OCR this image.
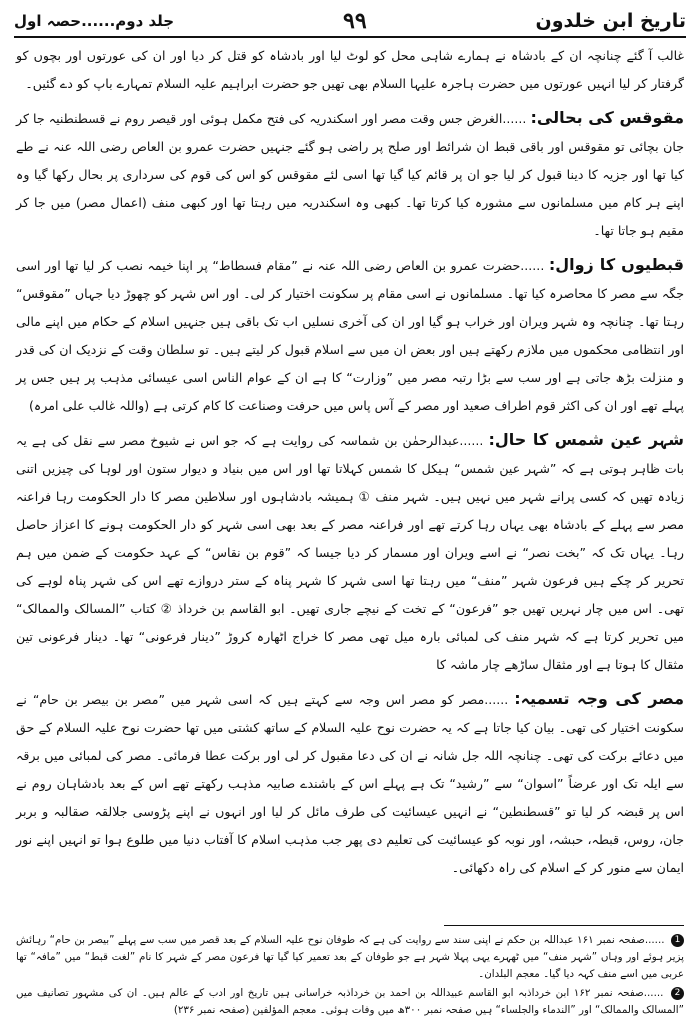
تاریخ ابن خلدون
۹۹
جلد دوم......حصہ اول

غالب آ گئے چنانچہ ان کے بادشاہ نے ہمارے شاہی محل کو لوٹ لیا اور بادشاہ کو قتل کر دیا اور ان کی عورتوں اور بچوں کو گرفتار کر لیا انہیں عورتوں میں حضرت ہاجرہ علیہا السلام بھی تھیں جو حضرت ابراہیم علیہ السلام تمہارے باپ کو دے گئیں۔

مقوقس کی بحالی: ......الغرض جس وقت مصر اور اسکندریہ کی فتح مکمل ہوئی اور قیصر روم نے قسطنطنیہ جا کر جان بچائی تو مقوقس اور باقی قبط ان شرائط اور صلح پر راضی ہو گئے جنہیں حضرت عمرو بن العاص رضی اللہ عنہ نے طے کیا تھا اور جزیہ کا دینا قبول کر لیا جو ان پر قائم کیا گیا تھا اسی لئے مقوقس کو اس کی قوم کی سرداری پر بحال رکھا گیا وہ اپنے ہر کام میں مسلمانوں سے مشورہ کیا کرتا تھا۔ کبھی وہ اسکندریہ میں رہتا تھا اور کبھی منف (اعمال مصر) میں جا کر مقیم ہو جاتا تھا۔

قبطیوں کا زوال: ......حضرت عمرو بن العاص رضی اللہ عنہ نے ”مقام فسطاط“ پر اپنا خیمہ نصب کر لیا تھا اور اسی جگہ سے مصر کا محاصرہ کیا تھا۔ مسلمانوں نے اسی مقام پر سکونت اختیار کر لی۔ اور اس شہر کو چھوڑ دیا جہاں ”مقوقس“ رہتا تھا۔ چنانچہ وہ شہر ویران اور خراب ہو گیا اور ان کی آخری نسلیں اب تک باقی ہیں جنہیں اسلام کے حکام میں اپنے مالی اور انتظامی محکموں میں ملازم رکھتے ہیں اور بعض ان میں سے اسلام قبول کر لیتے ہیں۔ تو سلطان وقت کے نزدیک ان کی قدر و منزلت بڑھ جاتی ہے اور سب سے بڑا رتبہ مصر میں ”وزارت“ کا ہے ان کے عوام الناس اسی عیسائی مذہب پر ہیں جس پر پہلے تھے اور ان کی اکثر قوم اطراف صعید اور مصر کے آس پاس میں حرفت وصناعت کا کام کرتی ہے (واللہ غالب علی امرہ)

شہر عین شمس کا حال: ......عبدالرحمٰن بن شماسہ کی روایت ہے کہ جو اس نے شیوخ مصر سے نقل کی ہے یہ بات ظاہر ہوتی ہے کہ ”شہر عین شمس“ ہیکل کا شمس کہلاتا تھا اور اس میں بنیاد و دیوار ستون اور لوہا کی چیزیں اتنی زیادہ تھیں کہ کسی پرانے شہر میں نہیں ہیں۔ شہر منف ① ہمیشہ بادشاہوں اور سلاطین مصر کا دار الحکومت رہا فراعنہ مصر سے پہلے کے بادشاہ بھی یہاں رہا کرتے تھے اور فراعنہ مصر کے بعد بھی اسی شہر کو دار الحکومت ہونے کا اعزاز حاصل رہا۔ یہاں تک کہ ”بخت نصر“ نے اسے ویران اور مسمار کر دیا جیسا کہ ”قوم بن نقاس“ کے عہد حکومت کے ضمن میں ہم تحریر کر چکے ہیں فرعون شہر ”منف“ میں رہتا تھا اسی شہر کا شہر پناہ کے ستر دروازے تھے اس کی شہر پناہ لوہے کی تھی۔ اس میں چار نہریں تھیں جو ”فرعون“ کے تخت کے نیچے جاری تھیں۔ ابو القاسم بن خرداذ ② کتاب ”المسالک والممالک“ میں تحریر کرتا ہے کہ شہر منف کی لمبائی بارہ میل تھی مصر کا خراج اٹھارہ کروڑ ”دینار فرعونی“ تھا۔ دینار فرعونی تین مثقال کا ہوتا ہے اور مثقال ساڑھے چار ماشہ کا

مصر کی وجہ تسمیہ: ......مصر کو مصر اس وجہ سے کہتے ہیں کہ اسی شہر میں ”مصر بن بیصر بن حام“ نے سکونت اختیار کی تھی۔ بیان کیا جاتا ہے کہ یہ حضرت نوح علیہ السلام کے ساتھ کشتی میں تھا حضرت نوح علیہ السلام کے حق میں دعائے برکت کی تھی۔ چنانچہ اللہ جل شانہ نے ان کی دعا مقبول کر لی اور برکت عطا فرمائی۔ مصر کی لمبائی میں برقہ سے ایلہ تک اور عرضاً ”اسوان“ سے ”رشید“ تک ہے پہلے اس کے باشندے صابیہ مذہب رکھتے تھے اس کے بعد بادشاہان روم نے اس پر قبضہ کر لیا تو ”قسطنطین“ نے انہیں عیسائیت کی طرف مائل کر لیا اور انہوں نے اپنے پڑوسی جلالقہ صقالبہ و بربر جان، روس، قبطہ، حبشہ، اور نوبہ کو عیسائیت کی تعلیم دی پھر جب مذہب اسلام کا آفتاب دنیا میں طلوع ہوا تو انہیں اپنے نور ایمان سے منور کر کے اسلام کی راہ دکھائی۔

1 ......صفحہ نمبر ۱۶۱ عبداللہ بن حکم نے اپنی سند سے روایت کی ہے کہ طوفان نوح علیہ السلام کے بعد قصر میں سب سے پہلے ”بیصر بن حام“ رہائش پزیر ہوئے اور وہاں ”شہر منف“ میں ٹھہرے یہی پہلا شہر ہے جو طوفان کے بعد تعمیر کیا گیا تھا فرعون مصر کے شہر کا نام ”لغت قبط“ میں ”مافہ“ تھا عربی میں اسے منف کہہ دیا گیا۔ معجم البلدان۔

2 ......صفحہ نمبر ۱۶۲ ابن خرداذبہ ابو القاسم عبیداللہ بن احمد بن خرداذبہ خراسانی ہیں تاریخ اور ادب کے عالم ہیں۔ ان کی مشہور تصانیف میں ”المسالک والممالک“ اور ”الندماء والجلساء“ ہیں صفحہ نمبر ۳۰۰ھ میں وفات ہوئی۔ معجم المؤلفین (صفحہ نمبر ۲۳۶)
